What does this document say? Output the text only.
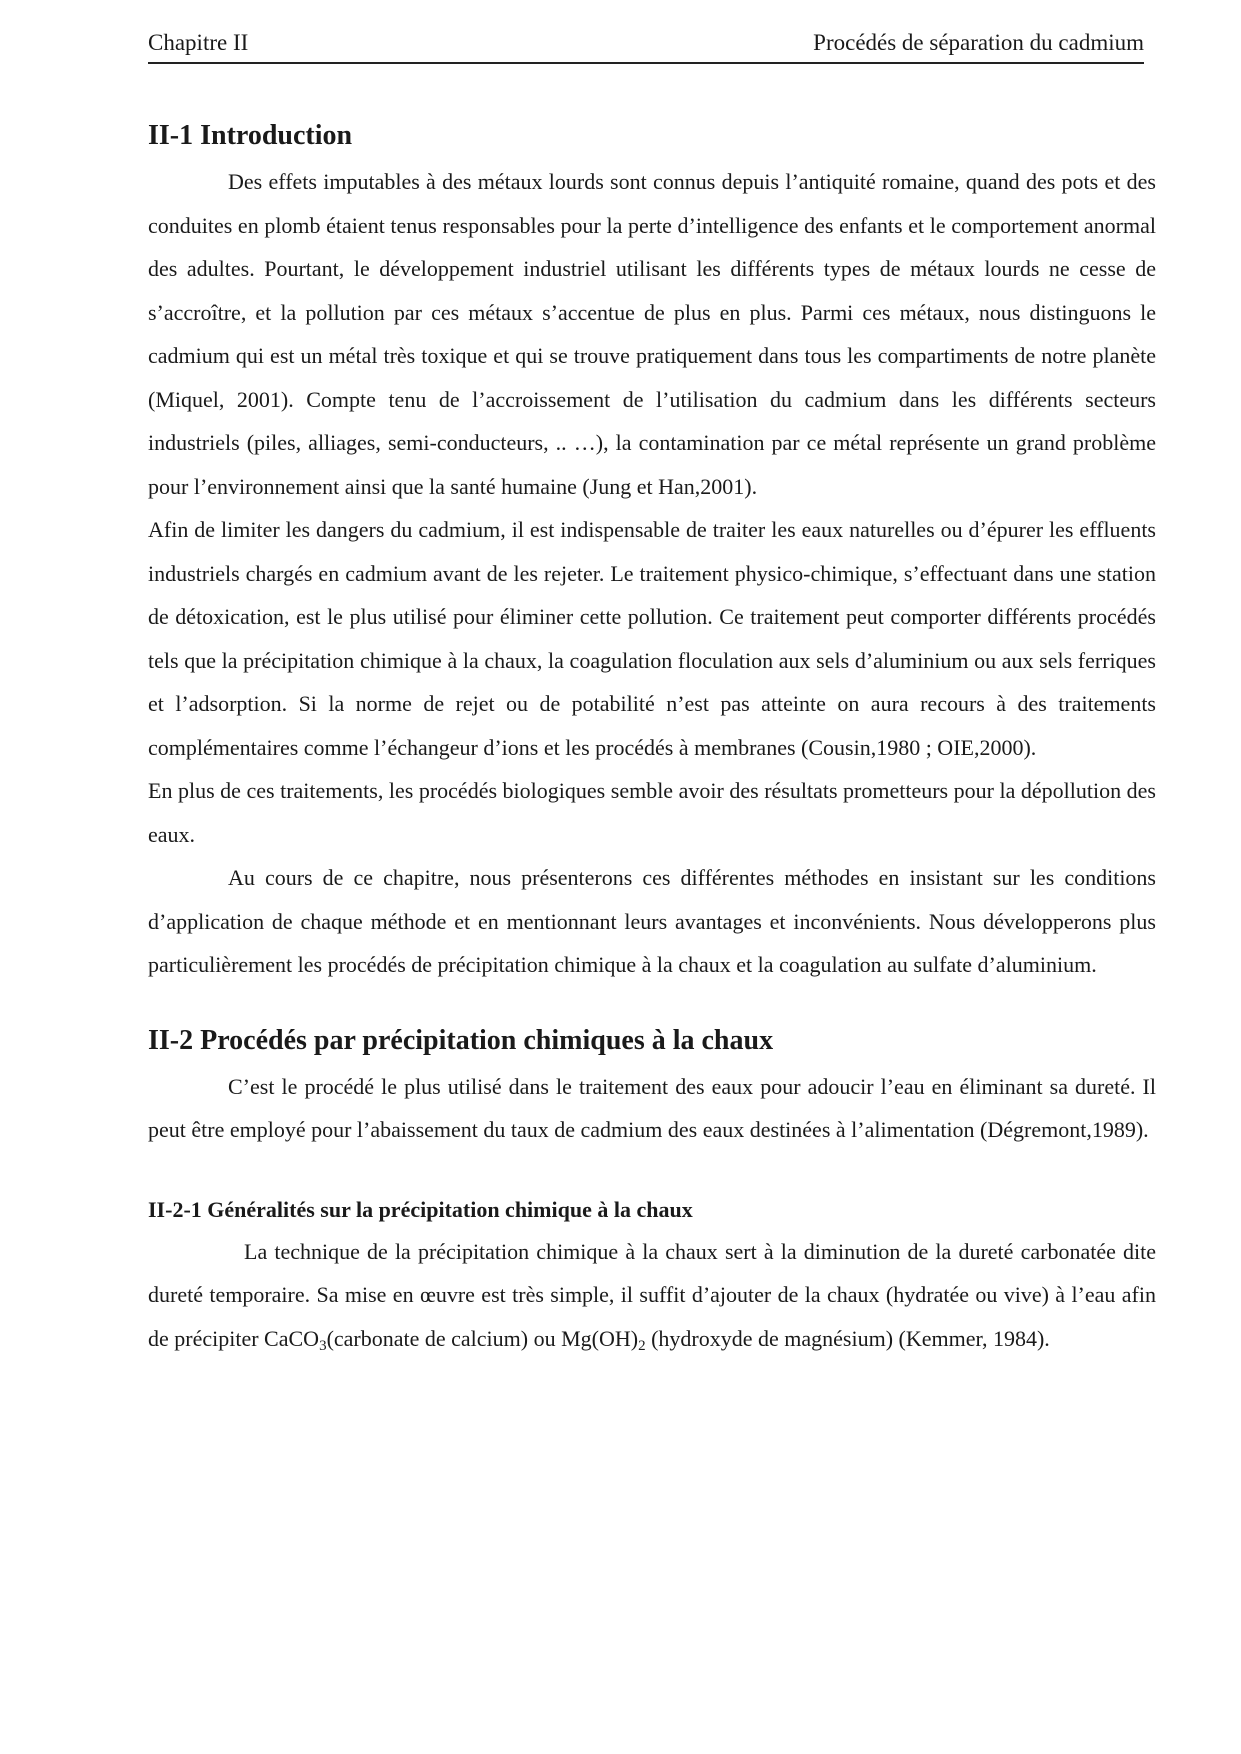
Chapitre II	Procédés de séparation du cadmium
II-1 Introduction

Des effets imputables à des métaux lourds sont connus depuis l’antiquité romaine, quand des pots et des conduites en plomb étaient tenus responsables pour la perte d’intelligence des enfants et le comportement anormal des adultes. Pourtant, le développement industriel utilisant les différents types de métaux lourds ne cesse de s’accroître, et la pollution par ces métaux s’accentue de plus en plus. Parmi ces métaux, nous distinguons le cadmium qui est un métal très toxique et qui se trouve pratiquement dans tous les compartiments de notre planète (Miquel, 2001). Compte tenu de l’accroissement de l’utilisation du cadmium dans les différents secteurs industriels (piles, alliages, semi-conducteurs, .. …), la contamination par ce métal représente un grand problème pour l’environnement ainsi que la santé humaine (Jung et Han,2001).

Afin de limiter les dangers du cadmium, il est indispensable de traiter les eaux naturelles ou d’épurer les effluents industriels chargés en cadmium avant de les rejeter. Le traitement physico-chimique, s’effectuant dans une station de détoxication, est le plus utilisé pour éliminer cette pollution. Ce traitement peut comporter différents procédés tels que la précipitation chimique à la chaux, la coagulation floculation aux sels d’aluminium ou aux sels ferriques et l’adsorption. Si la norme de rejet ou de potabilité n’est pas atteinte on aura recours à des traitements complémentaires comme l’échangeur d’ions et les procédés à membranes (Cousin,1980 ; OIE,2000).

En plus de ces traitements, les procédés biologiques semble avoir des résultats prometteurs pour la dépollution des eaux.

Au cours de ce chapitre, nous présenterons ces différentes méthodes en insistant sur les conditions d’application de chaque méthode et en mentionnant leurs avantages et inconvénients. Nous développerons plus particulièrement les procédés de précipitation chimique à la chaux et la coagulation au sulfate d’aluminium.

II-2 Procédés par précipitation chimiques à la chaux

C’est le procédé le plus utilisé dans le traitement des eaux pour adoucir l’eau en éliminant sa dureté. Il peut être employé pour l’abaissement du taux de cadmium des eaux destinées à l’alimentation (Dégremont,1989).

II-2-1 Généralités sur la précipitation chimique à la chaux

La technique de la précipitation chimique à la chaux sert à la diminution de la dureté carbonatée dite dureté temporaire. Sa mise en œuvre est très simple, il suffit d’ajouter de la chaux (hydratée ou vive) à l’eau afin de précipiter CaCO$_3$(carbonate de calcium) ou $Mg(OH)_2$ (hydroxyde de magnésium) (Kemmer, 1984).
